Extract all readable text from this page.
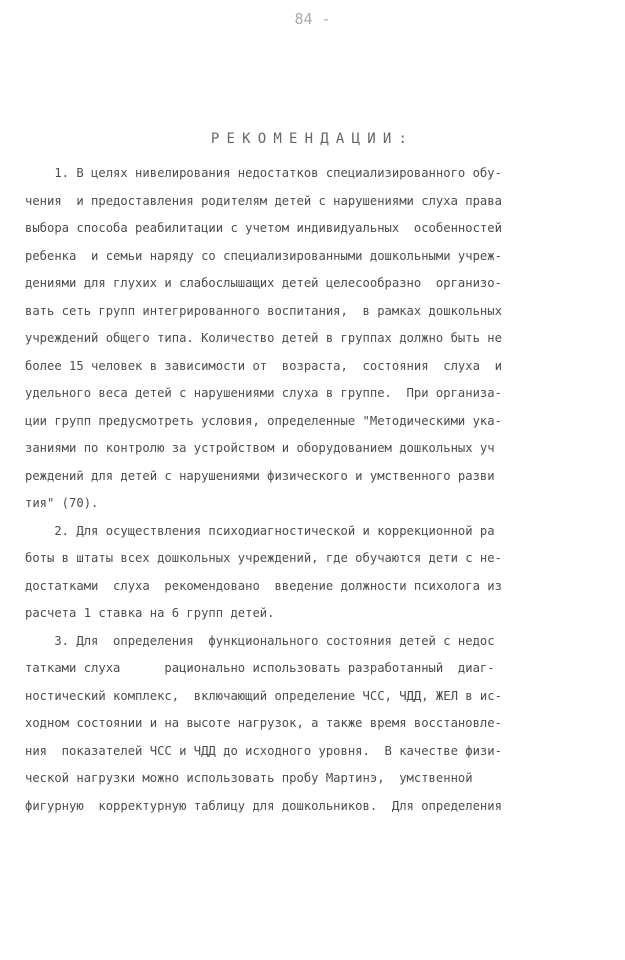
84 -
РЕКОМЕНДАЦИИ:
1. В целях нивелирования недостатков специализированного обу-
чения  и предоставления родителям детей с нарушениями слуха права
выбора способа реабилитации с учетом индивидуальных  особенностей
ребенка  и семьи наряду со специализированными дошкольными учреж-
дениями для глухих и слабослышащих детей целесообразно  организо-
вать сеть групп интегрированного воспитания,  в рамках дошкольных
учреждений общего типа. Количество детей в группах должно быть не
более 15 человек в зависимости от  возраста,  состояния  слуха  и
удельного веса детей с нарушениями слуха в группе.  При организа-
ции групп предусмотреть условия, определенные "Методическими ука-
заниями по контролю за устройством и оборудованием дошкольных уч
реждений для детей с нарушениями физического и умственного разви
тия" (70).
2. Для осуществления психодиагностической и коррекционной ра
боты в штаты всех дошкольных учреждений, где обучаются дети с не-
достатками  слуха  рекомендовано  введение должности психолога из
расчета 1 ставка на 6 групп детей.
3. Для  определения  функционального состояния детей с недос
татками слуха      рационально использовать разработанный  диаг-
ностический комплекс,  включающий определение ЧСС, ЧДД, ЖЕЛ в ис-
ходном состоянии и на высоте нагрузок, а также время восстановле-
ния  показателей ЧСС и ЧДД до исходного уровня.  В качестве физи-
ческой нагрузки можно использовать пробу Мартинэ,  умственной
фигурную  корректурную таблицу для дошкольников.  Для определения
